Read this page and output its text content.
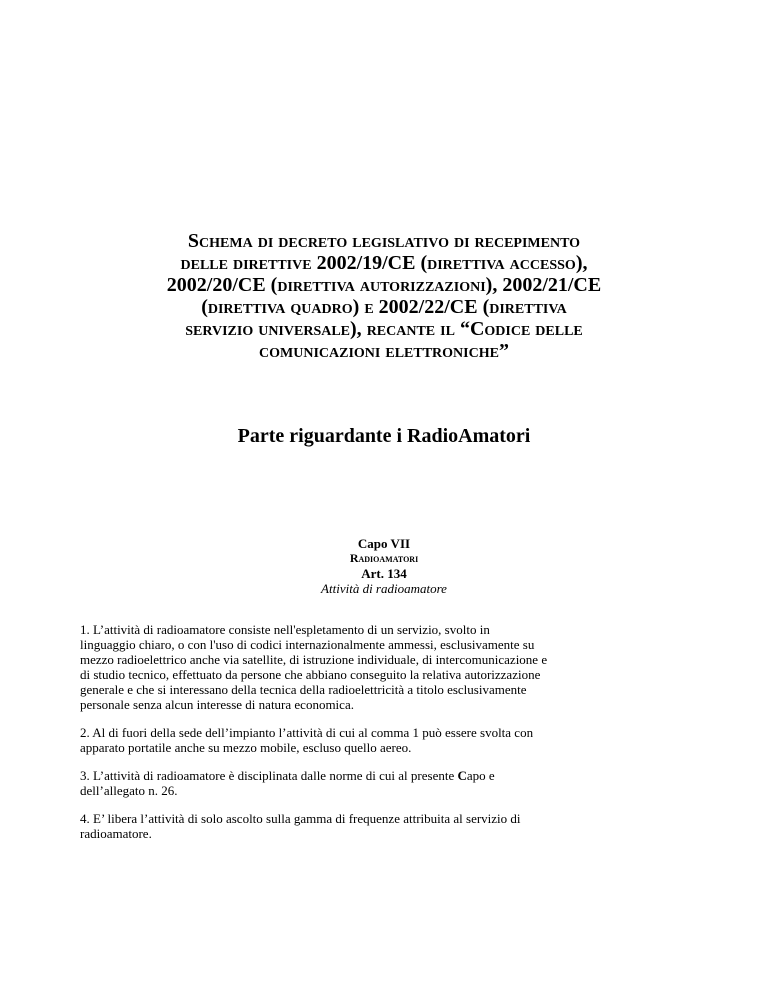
Schema di decreto legislativo di recepimento
delle direttive 2002/19/CE (direttiva accesso),
2002/20/CE (direttiva autorizzazioni), 2002/21/CE
(direttiva quadro) e 2002/22/CE (direttiva
servizio universale), recante il “Codice delle
comunicazioni elettroniche”
Parte riguardante i RadioAmatori
Capo VII
Radioamatori
Art. 134
Attività di radioamatore
1. L’attività di radioamatore consiste nell'espletamento di un servizio, svolto in
linguaggio chiaro, o con l'uso di codici internazionalmente ammessi, esclusivamente su
mezzo radioelettrico anche via satellite, di istruzione individuale, di intercomunicazione e
di studio tecnico, effettuato da persone che abbiano conseguito la relativa autorizzazione
generale e che si interessano della tecnica della radioelettricità a titolo esclusivamente
personale senza alcun interesse di natura economica.
2. Al di fuori della sede dell’impianto l’attività di cui al comma 1 può essere svolta con
apparato portatile anche su mezzo mobile, escluso quello aereo.
3. L’attività di radioamatore è disciplinata dalle norme di cui al presente Capo e
dell’allegato n. 26.
4. E’ libera l’attività di solo ascolto sulla gamma di frequenze attribuita al servizio di
radioamatore.
